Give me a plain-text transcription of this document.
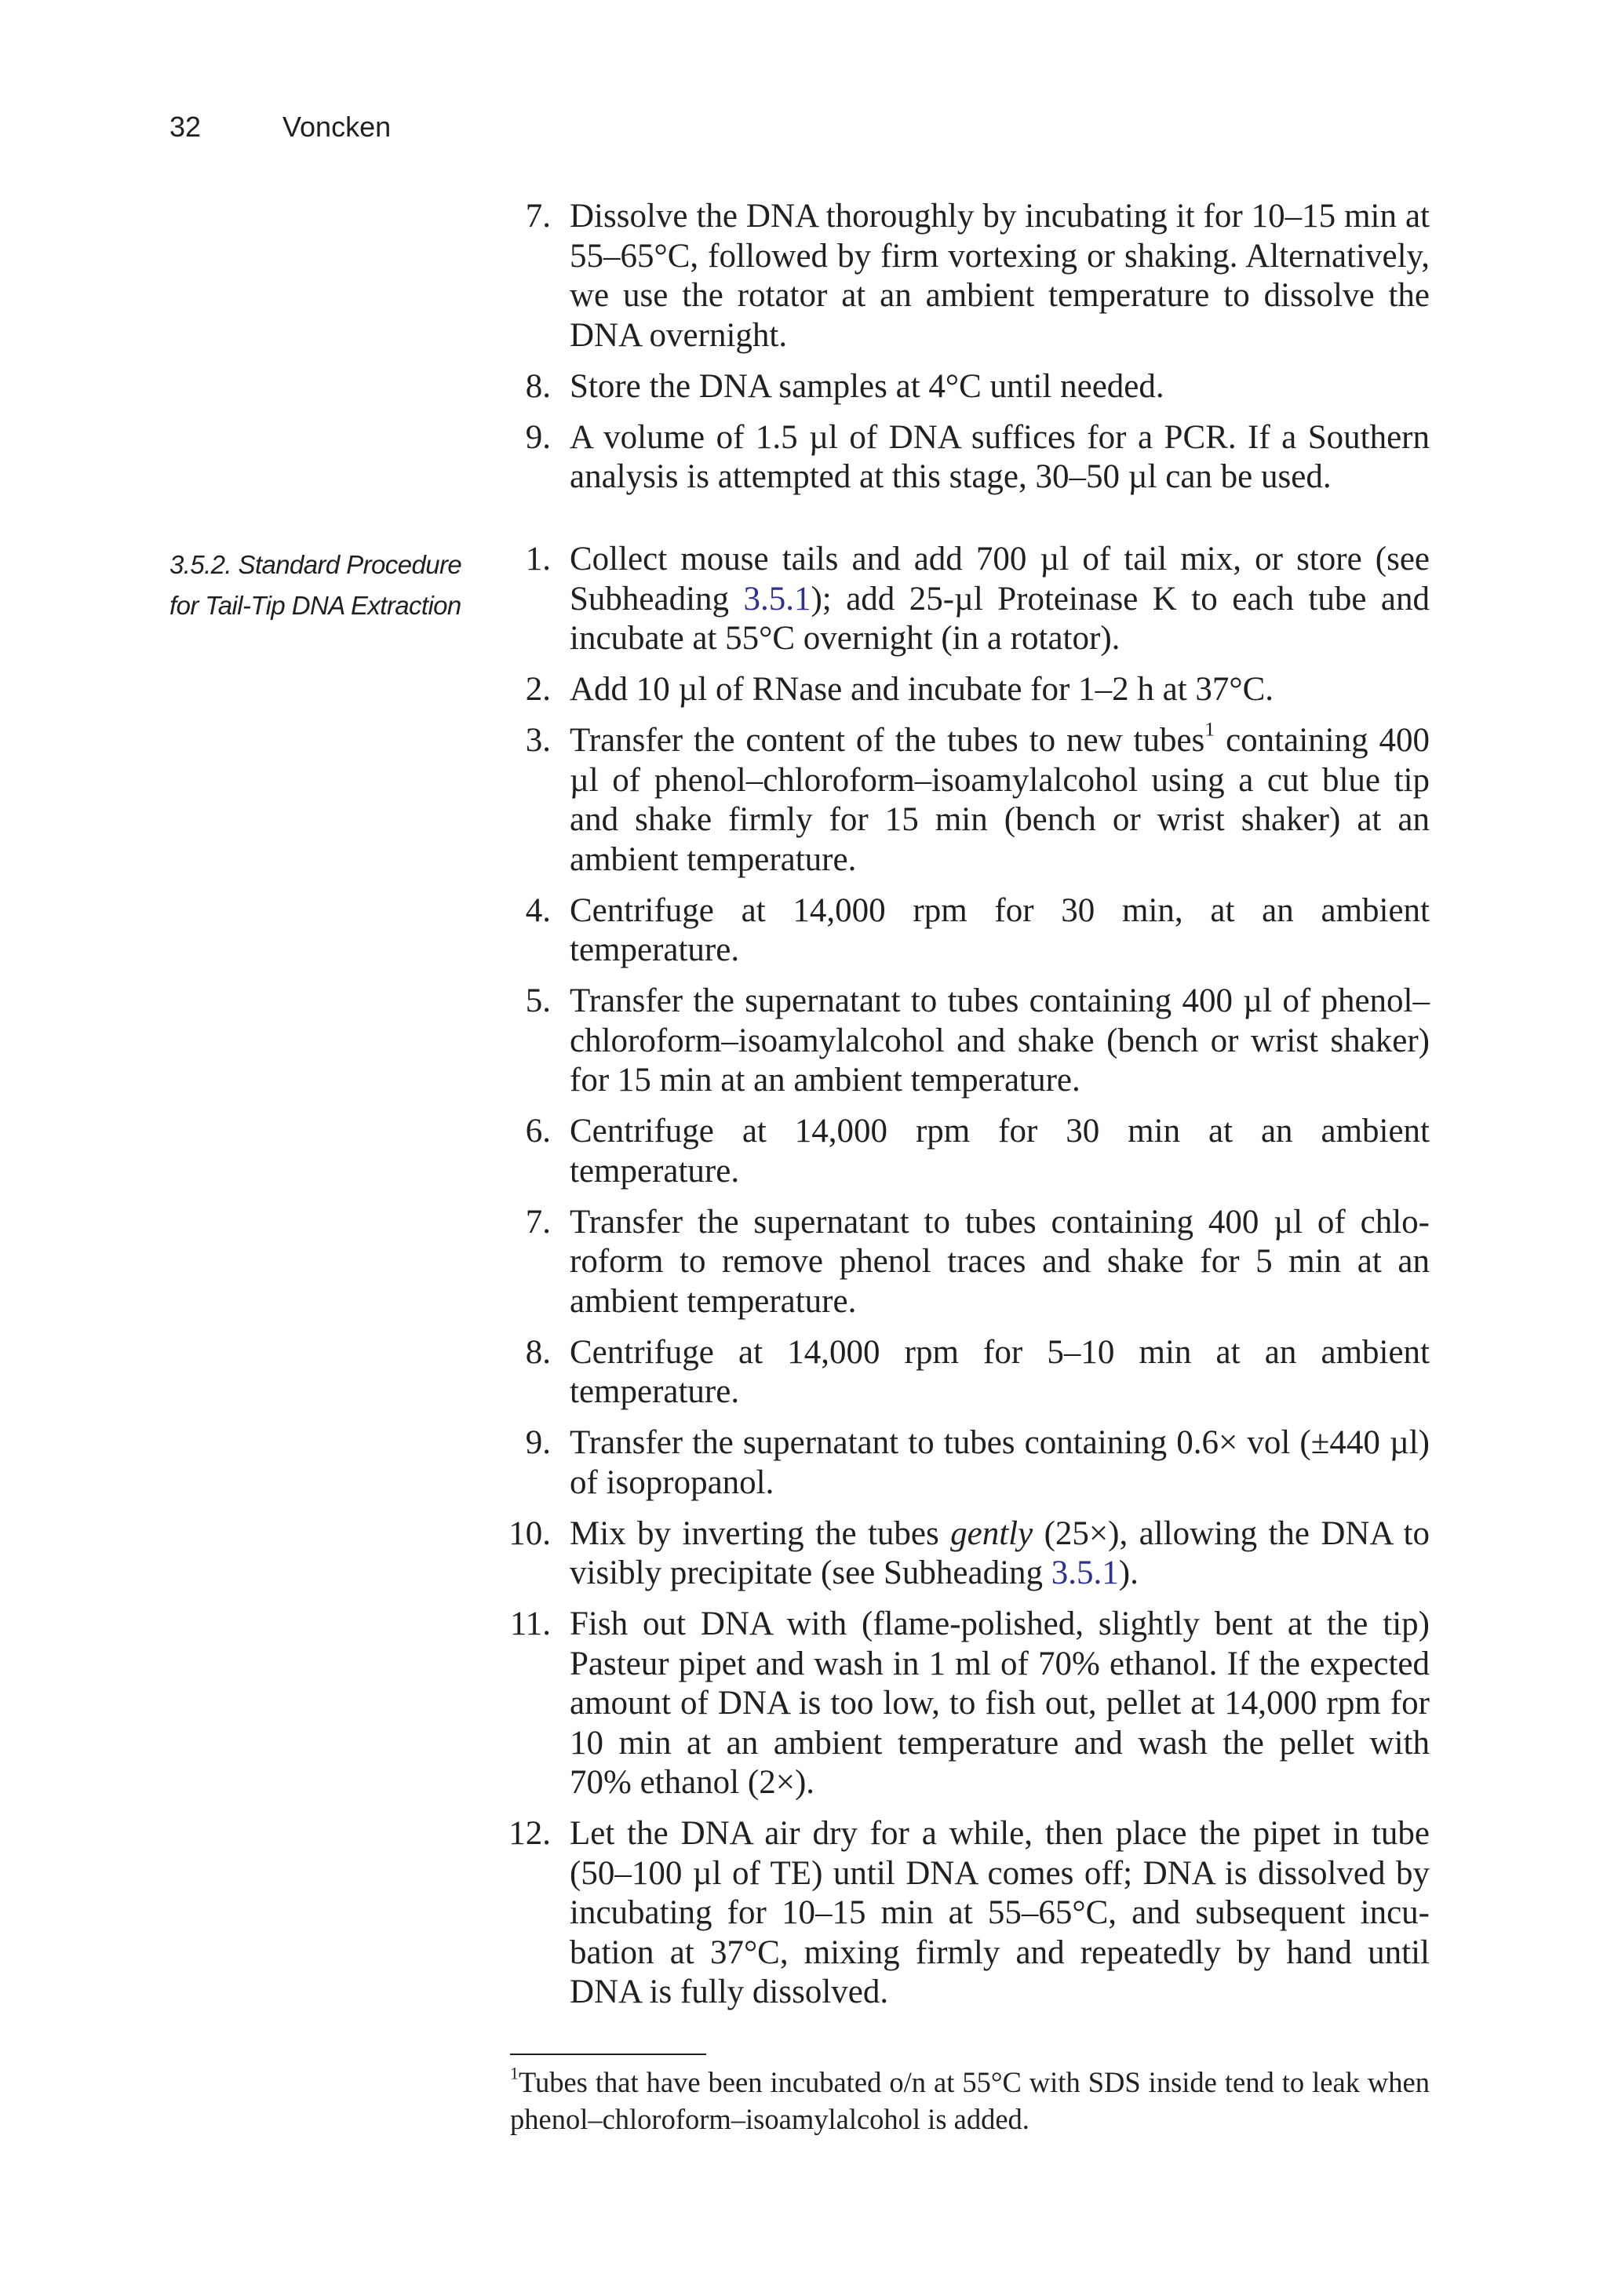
32	Voncken
7. Dissolve the DNA thoroughly by incubating it for 10–15 min at 55–65°C, followed by firm vortexing or shaking. Alternatively, we use the rotator at an ambient temperature to dissolve the DNA overnight.
8. Store the DNA samples at 4°C until needed.
9. A volume of 1.5 µl of DNA suffices for a PCR. If a Southern analysis is attempted at this stage, 30–50 µl can be used.
3.5.2. Standard Procedure
for Tail-Tip DNA Extraction
1. Collect mouse tails and add 700 µl of tail mix, or store (see Subheading 3.5.1); add 25-µl Proteinase K to each tube and incubate at 55°C overnight (in a rotator).
2. Add 10 µl of RNase and incubate for 1–2 h at 37°C.
3. Transfer the content of the tubes to new tubes$^1$ containing 400 µl of phenol–chloroform–isoamylalcohol using a cut blue tip and shake firmly for 15 min (bench or wrist shaker) at an ambient temperature.
4. Centrifuge at 14,000 rpm for 30 min, at an ambient temperature.
5. Transfer the supernatant to tubes containing 400 µl of phenol–chloroform–isoamylalcohol and shake (bench or wrist shaker) for 15 min at an ambient temperature.
6. Centrifuge at 14,000 rpm for 30 min at an ambient temperature.
7. Transfer the supernatant to tubes containing 400 µl of chloroform to remove phenol traces and shake for 5 min at an ambient temperature.
8. Centrifuge at 14,000 rpm for 5–10 min at an ambient temperature.
9. Transfer the supernatant to tubes containing 0.6× vol (±440 µl) of isopropanol.
10. Mix by inverting the tubes gently (25×), allowing the DNA to visibly precipitate (see Subheading 3.5.1).
11. Fish out DNA with (flame-polished, slightly bent at the tip) Pasteur pipet and wash in 1 ml of 70% ethanol. If the expected amount of DNA is too low, to fish out, pellet at 14,000 rpm for 10 min at an ambient temperature and wash the pellet with 70% ethanol (2×).
12. Let the DNA air dry for a while, then place the pipet in tube (50–100 µl of TE) until DNA comes off; DNA is dissolved by incubating for 10–15 min at 55–65°C, and subsequent incubation at 37°C, mixing firmly and repeatedly by hand until DNA is fully dissolved.
$^1$Tubes that have been incubated o/n at 55°C with SDS inside tend to leak when phenol–chloroform–isoamylalcohol is added.
